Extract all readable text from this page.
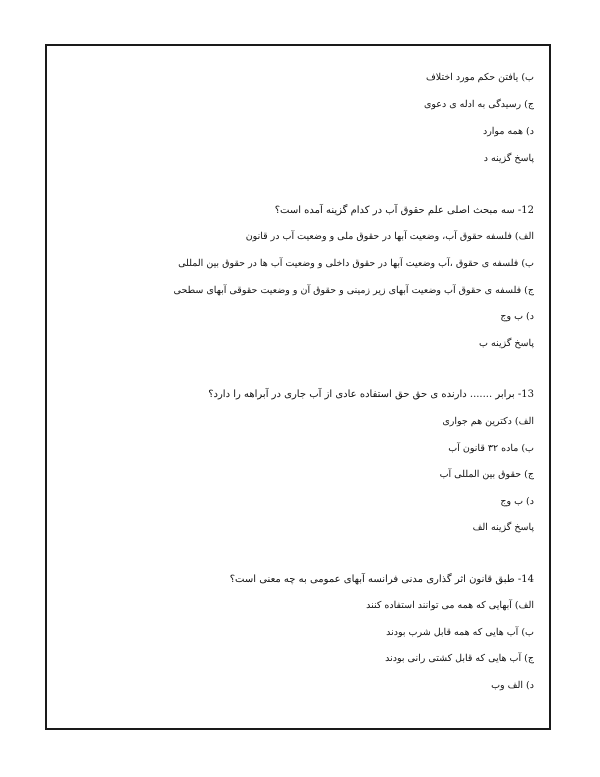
ب) یافتن حکم مورد اختلاف
ج) رسیدگی به ادله ی دعوی
د) همه موارد
پاسخ گزینه د
12- سه مبحث اصلی علم حقوق آب در کدام گزینه آمده است؟
الف) فلسفه حقوق آب، وضعیت آبها در حقوق ملی و وضعیت آب در قانون
ب) فلسفه ی حقوق ،آب وضعیت آبها در حقوق داخلی و وضعیت آب ها در حقوق بین المللی
ج) فلسفه ی حقوق آب وضعیت آبهای زیر زمینی و حقوق آن و وضعیت حقوقی آبهای سطحی
د) ب وج
پاسخ گزینه ب
13- برابر ....... دارنده ی حق حق استفاده عادی از آب جاری در آبراهه را دارد؟
الف) دکترین هم جواری
ب) ماده ۳۲ قانون آب
ج) حقوق بین المللی آب
د) ب وج
پاسخ گزینه الف
14- طبق قانون اثر گذاری مدنی فرانسه آبهای عمومی به چه معنی است؟
الف) آبهایی که همه می توانند استفاده کنند
ب) آب هایی که همه قابل شرب بودند
ج) آب هایی که قابل کشتی رانی بودند
د) الف وب
